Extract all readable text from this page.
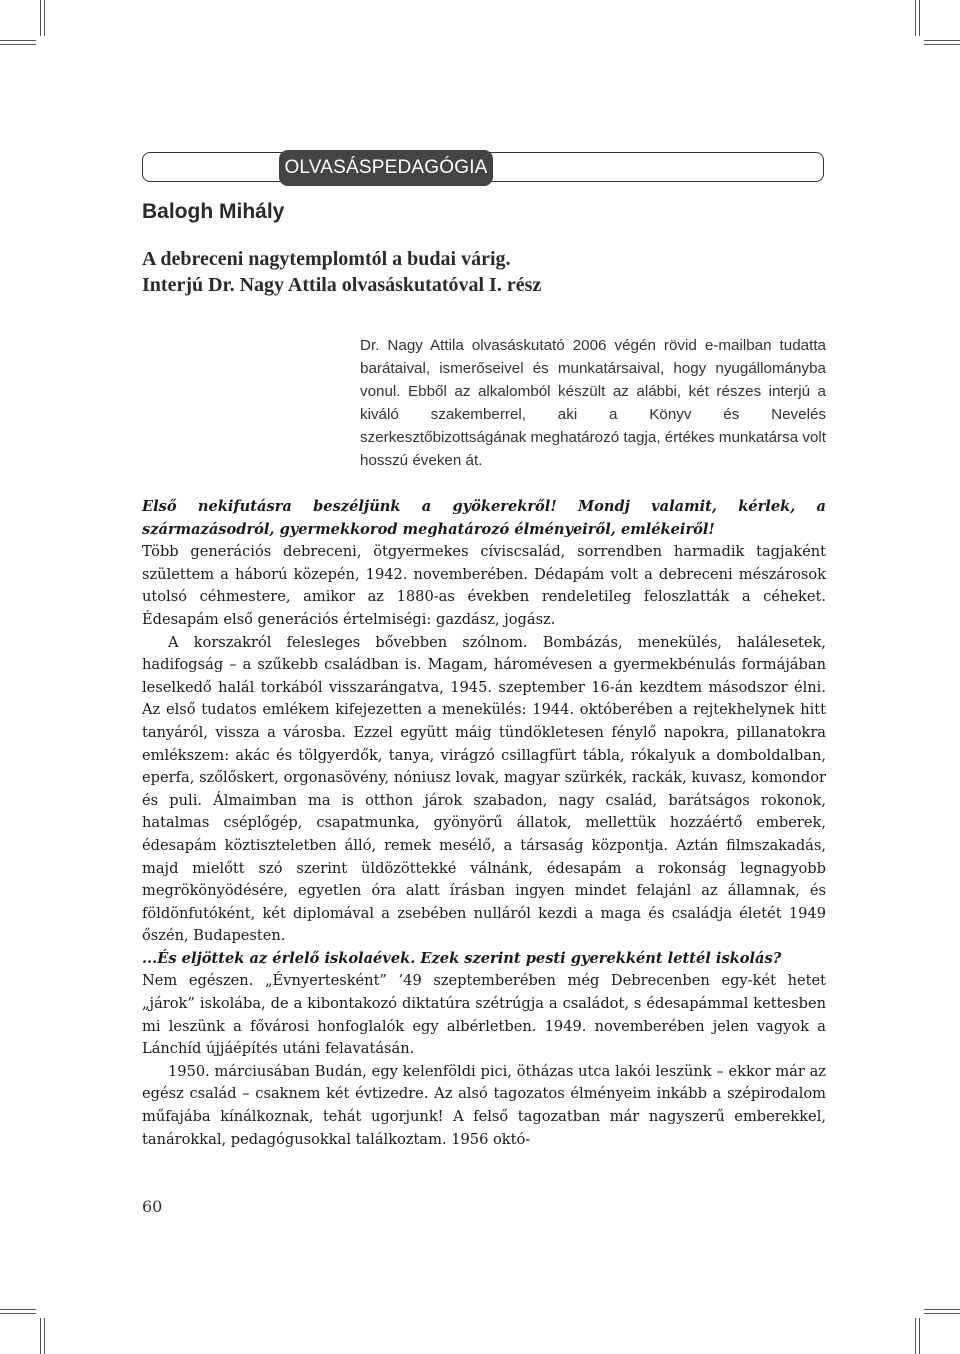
OLVASÁSPEDAGÓGIA
Balogh Mihály
A debreceni nagytemplomtól a budai várig.
Interjú Dr. Nagy Attila olvasáskutatóval I. rész
Dr. Nagy Attila olvasáskutató 2006 végén rövid e-mailban tudatta barátaival, ismerőseivel és munkatársaival, hogy nyugállományba vonul. Ebből az alkalomból készült az alábbi, két részes interjú a kiváló szakemberrel, aki a Könyv és Nevelés szerkesztőbizottságának meghatározó tagja, értékes munkatársa volt hosszú éveken át.

Első nekifutásra beszéljünk a gyökerekről! Mondj valamit, kérlek, a származásodról, gyermekkorod meghatározó élményeiről, emlékeiről!

Több generációs debreceni, ötgyermekes cíviscsalád, sorrendben harmadik tagjaként születtem a háború közepén, 1942. novemberében. Dédapám volt a debreceni mészárosok utolsó céhmestere, amikor az 1880-as években rendeletileg feloszlatták a céheket. Édesapám első generációs értelmiségi: gazdász, jogász.

A korszakról felesleges bővebben szólnom. Bombázás, menekülés, halálesetek, hadifogság – a szűkebb családban is. Magam, háromévesen a gyermekbénulás formájában leselkedő halál torkából visszarángatva, 1945. szeptember 16-án kezdtem másodszor élni. Az első tudatos emlékem kifejezetten a menekülés: 1944. októberében a rejtekhelynek hitt tanyáról, vissza a városba. Ezzel együtt máig tündökletesen fénylő napokra, pillanatokra emlékszem: akác és tölgyerdők, tanya, virágzó csillagfürt tábla, rókalyuk a domboldalban, eperfa, szőlőskert, orgonasövény, nóniusz lovak, magyar szürkék, rackák, kuvasz, komondor és puli. Álmaimban ma is otthon járok szabadon, nagy család, barátságos rokonok, hatalmas cséplőgép, csapatmunka, gyönyörű állatok, mellettük hozzáértő emberek, édesapám köztiszteletben álló, remek mesélő, a társaság központja. Aztán filmszakadás, majd mielőtt szó szerint üldözöttekké válnánk, édesapám a rokonság legnagyobb megrökönyödésére, egyetlen óra alatt írásban ingyen mindet felajánl az államnak, és földönfutóként, két diplomával a zsebében nulláról kezdi a maga és családja életét 1949 őszén, Budapesten.

...És eljöttek az érlelő iskolaévek. Ezek szerint pesti gyerekként lettél iskolás?

Nem egészen. „Évnyertesként” ’49 szeptemberében még Debrecenben egy-két hetet „járok” iskolába, de a kibontakozó diktatúra szétrúgja a családot, s édesapámmal kettesben mi leszünk a fővárosi honfoglalók egy albérletben. 1949. novemberében jelen vagyok a Lánchíd újjáépítés utáni felavatásán.

1950. márciusában Budán, egy kelenföldi pici, ötházas utca lakói leszünk – ekkor már az egész család – csaknem két évtizedre. Az alsó tagozatos élményeim inkább a szépirodalom műfajába kínálkoznak, tehát ugorjunk! A felső tagozatban már nagyszerű emberekkel, tanárokkal, pedagógusokkal találkoztam. 1956 októ-

60
